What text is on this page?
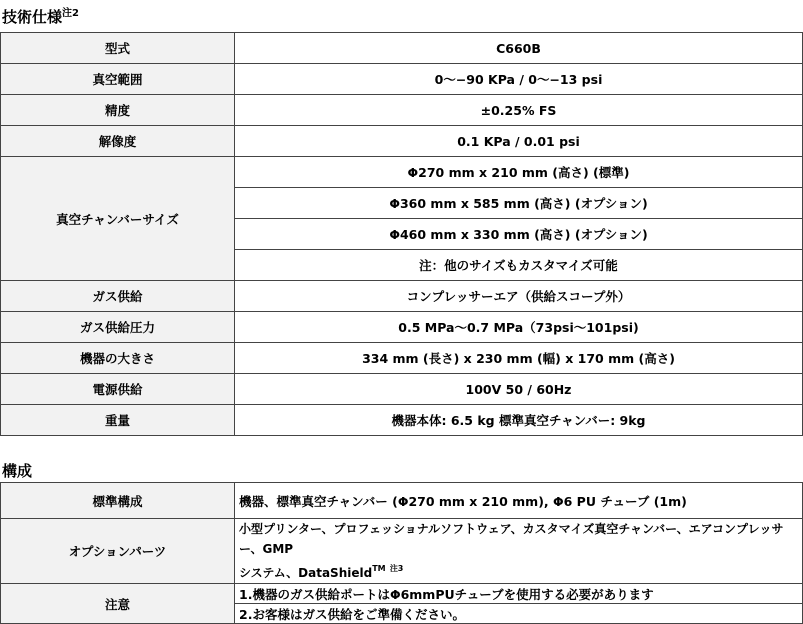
技術仕様$^{注2}$
型式	C660B
真空範囲	0～−90 KPa / 0～−13 psi
精度	±0.25% FS
解像度	0.1 KPa / 0.01 psi
真空チャンバーサイズ	Φ270 mm x 210 mm (高さ) (標準)
	Φ360 mm x 585 mm (高さ) (オプション)
	Φ460 mm x 330 mm (高さ) (オプション)
	注：他のサイズもカスタマイズ可能
ガス供給	コンプレッサーエア（供給スコープ外）
ガス供給圧力	0.5 MPa～0.7 MPa（73psi～101psi)
機器の大きさ	334 mm (長さ) x 230 mm (幅) x 170 mm (高さ)
電源供給	100V 50 / 60Hz
重量	機器本体: 6.5 kg 標準真空チャンバー: 9kg
構成
標準構成	機器、標準真空チャンバー (Φ270 mm x 210 mm), Φ6 PU チューブ (1m)
オプションパーツ	小型プリンター、プロフェッショナルソフトウェア、カスタマイズ真空チャンバー、エアコンプレッサー、GMP
システム、DataShield™ $^{注3}$
注意	1.機器のガス供給ポートはΦ6mmPUチューブを使用する必要があります
	2.お客様はガス供給をご準備ください。
